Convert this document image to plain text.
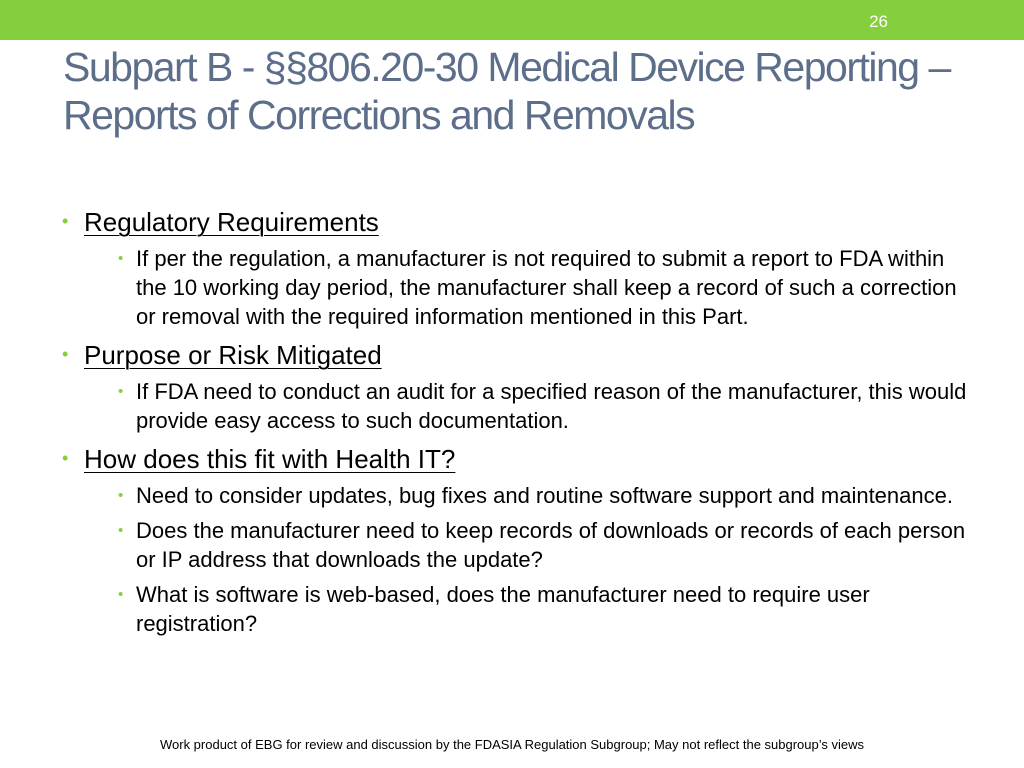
26
Subpart B - §§806.20-30 Medical Device Reporting – Reports of Corrections and Removals
• Regulatory Requirements
• If per the regulation, a manufacturer is not required to submit a report to FDA within the 10 working day period, the manufacturer shall keep a record of such a correction or removal with the required information mentioned in this Part.
• Purpose or Risk Mitigated
• If FDA need to conduct an audit for a specified reason of the manufacturer, this would provide easy access to such documentation.
• How does this fit with Health IT?
• Need to consider updates, bug fixes and routine software support and maintenance.
• Does the manufacturer need to keep records of downloads or records of each person or IP address that downloads the update?
• What is software is web-based, does the manufacturer need to require user registration?
Work product of EBG for review and discussion by the FDASIA Regulation Subgroup; May not reflect the subgroup’s views
